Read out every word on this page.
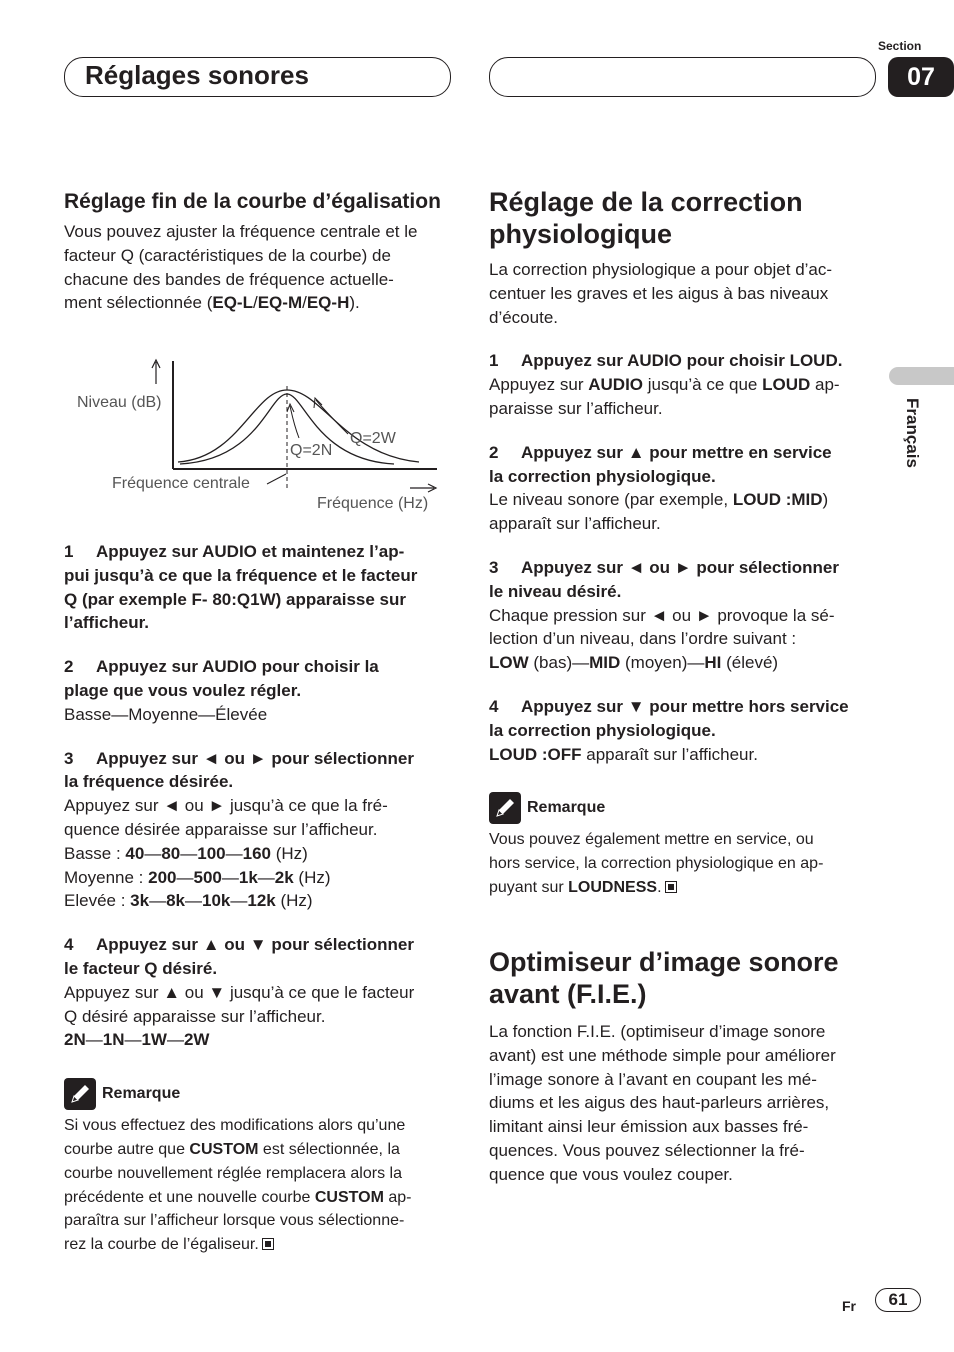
Réglages sonores
Section
07
Français
Réglage fin de la courbe d’égalisation

Vous pouvez ajuster la fréquence centrale et le

facteur Q (caractéristiques de la courbe) de

chacune des bandes de fréquence actuelle-

ment sélectionnée (EQ-L/EQ-M/EQ-H).

Niveau (dB)
Q=2N
Q=2W
Fréquence centrale
Fréquence (Hz)

1 Appuyez sur AUDIO et maintenez l’ap-

pui jusqu’à ce que la fréquence et le facteur

Q (par exemple F- 80:Q1W) apparaisse sur

l’afficheur.

2 Appuyez sur AUDIO pour choisir la

plage que vous voulez régler.

Basse—Moyenne—Élevée

3 Appuyez sur ◄ ou ► pour sélectionner

la fréquence désirée.

Appuyez sur ◄ ou ► jusqu’à ce que la fré-

quence désirée apparaisse sur l’afficheur.

Basse : 40—80—100—160 (Hz)

Moyenne : 200—500—1k—2k (Hz)

Elevée : 3k—8k—10k—12k (Hz)

4 Appuyez sur ▲ ou ▼ pour sélectionner

le facteur Q désiré.

Appuyez sur ▲ ou ▼ jusqu’à ce que le facteur

Q désiré apparaisse sur l’afficheur.

2N—1N—1W—2W

Remarque

Si vous effectuez des modifications alors qu’une

courbe autre que CUSTOM est sélectionnée, la

courbe nouvellement réglée remplacera alors la

précédente et une nouvelle courbe CUSTOM ap-

paraîtra sur l’afficheur lorsque vous sélectionne-

rez la courbe de l’égaliseur.

Réglage de la correction physiologique

La correction physiologique a pour objet d’ac-

centuer les graves et les aigus à bas niveaux

d’écoute.

1 Appuyez sur AUDIO pour choisir LOUD.

Appuyez sur AUDIO jusqu’à ce que LOUD ap-

paraisse sur l’afficheur.

2 Appuyez sur ▲ pour mettre en service

la correction physiologique.

Le niveau sonore (par exemple, LOUD :MID)

apparaît sur l’afficheur.

3 Appuyez sur ◄ ou ► pour sélectionner

le niveau désiré.

Chaque pression sur ◄ ou ► provoque la sé-

lection d’un niveau, dans l’ordre suivant :

LOW (bas)—MID (moyen)—HI (élevé)

4 Appuyez sur ▼ pour mettre hors service

la correction physiologique.

LOUD :OFF apparaît sur l’afficheur.

Remarque

Vous pouvez également mettre en service, ou

hors service, la correction physiologique en ap-

puyant sur LOUDNESS.

Optimiseur d’image sonore avant (F.I.E.)

La fonction F.I.E. (optimiseur d’image sonore

avant) est une méthode simple pour améliorer

l’image sonore à l’avant en coupant les mé-

diums et les aigus des haut-parleurs arrières,

limitant ainsi leur émission aux basses fré-

quences. Vous pouvez sélectionner la fré-

quence que vous voulez couper.

Fr 61
